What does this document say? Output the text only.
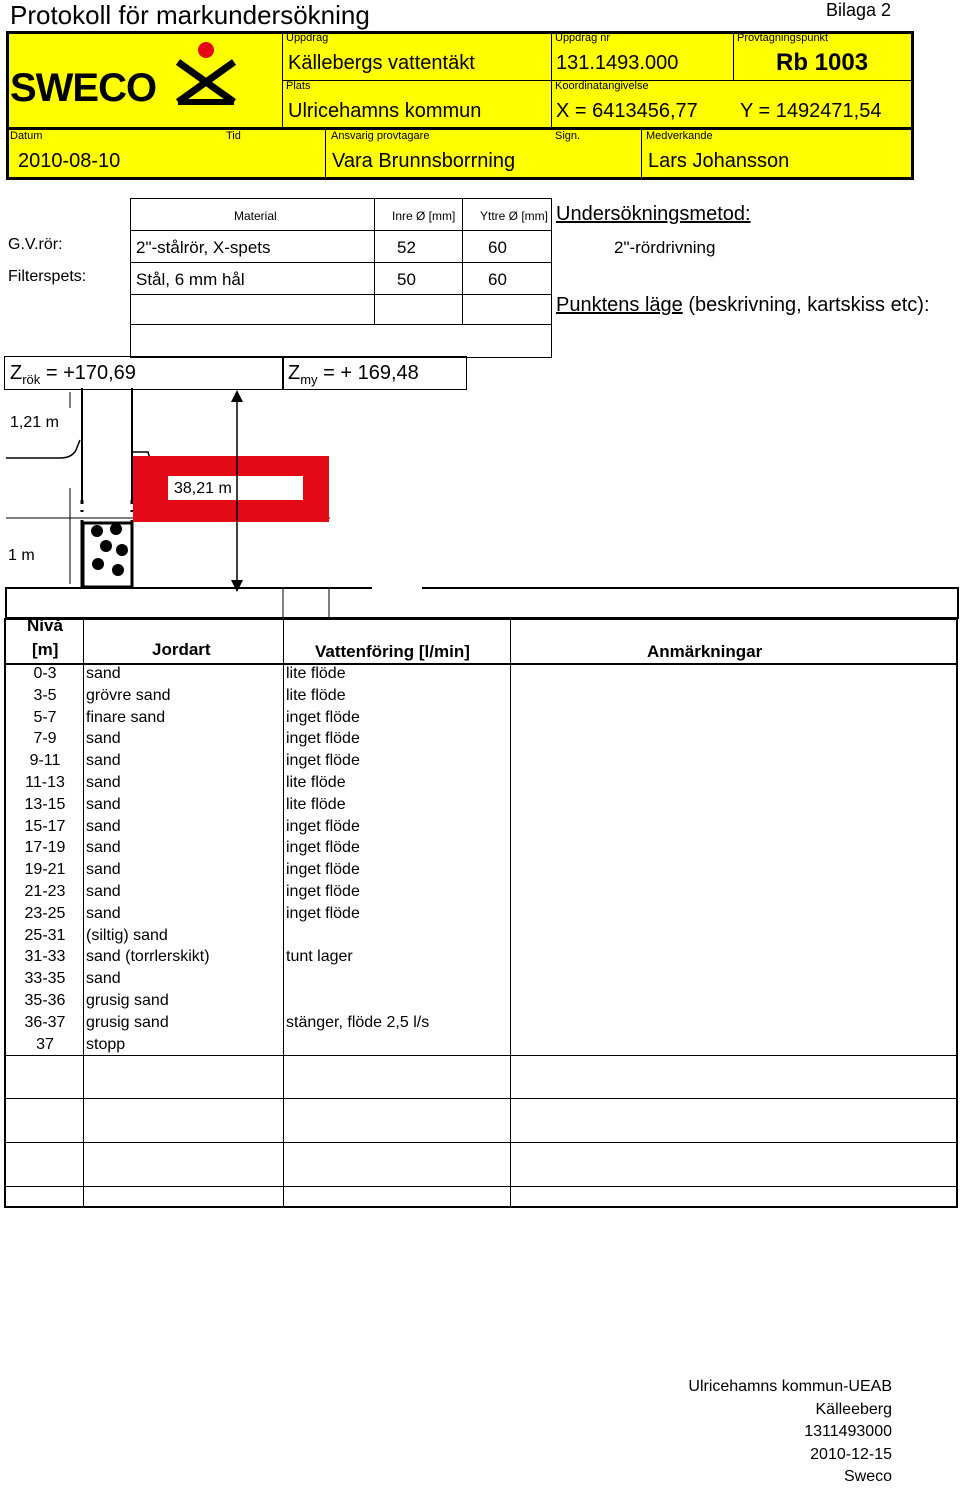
Protokoll för markundersökning	Bilaga 2
SWECO
Uppdrag
Källebergs vattentäkt
Uppdrag nr
131.1493.000
Provtagningspunkt
Rb 1003
Plats
Ulricehamns kommun
Koordinatangivelse
X = 6413456,77 Y = 1492471,54
Datum
2010-08-10
Tid	Ansvarig provtagare
Vara Brunnsborrning
Sign.	Medverkande
Lars Johansson
Material	Inre Ø [mm] Yttre Ø [mm]
G.V.rör:	2"-stålrör, X-spets	52	60
Filterspets:	Stål, 6 mm hål	50	60
Undersökningsmetod:
2"-rördrivning
Punktens läge (beskrivning, kartskiss etc):
$Z_{rök} = +170,69$	$Z_{my}$ = + 169,48
1,21 m
38,21 m
1 m
Nivå
[m]	Jordart	Vattenföring [l/min]	Anmärkningar
0-3	sand	lite flöde
3-5	grövre sand	lite flöde
5-7	finare sand	inget flöde
7-9	sand	inget flöde
9-11	sand	inget flöde
11-13	sand	lite flöde
13-15	sand	lite flöde
15-17	sand	inget flöde
17-19	sand	inget flöde
19-21	sand	inget flöde
21-23	sand	inget flöde
23-25	sand	inget flöde
25-31	(siltig) sand
31-33	sand (torrlerskikt)	tunt lager
33-35	sand
35-36	grusig sand
36-37	grusig sand	stänger, flöde 2,5 l/s
37	stopp
Ulricehamns kommun-UEAB
Källeeberg
1311493000
2010-12-15
Sweco
